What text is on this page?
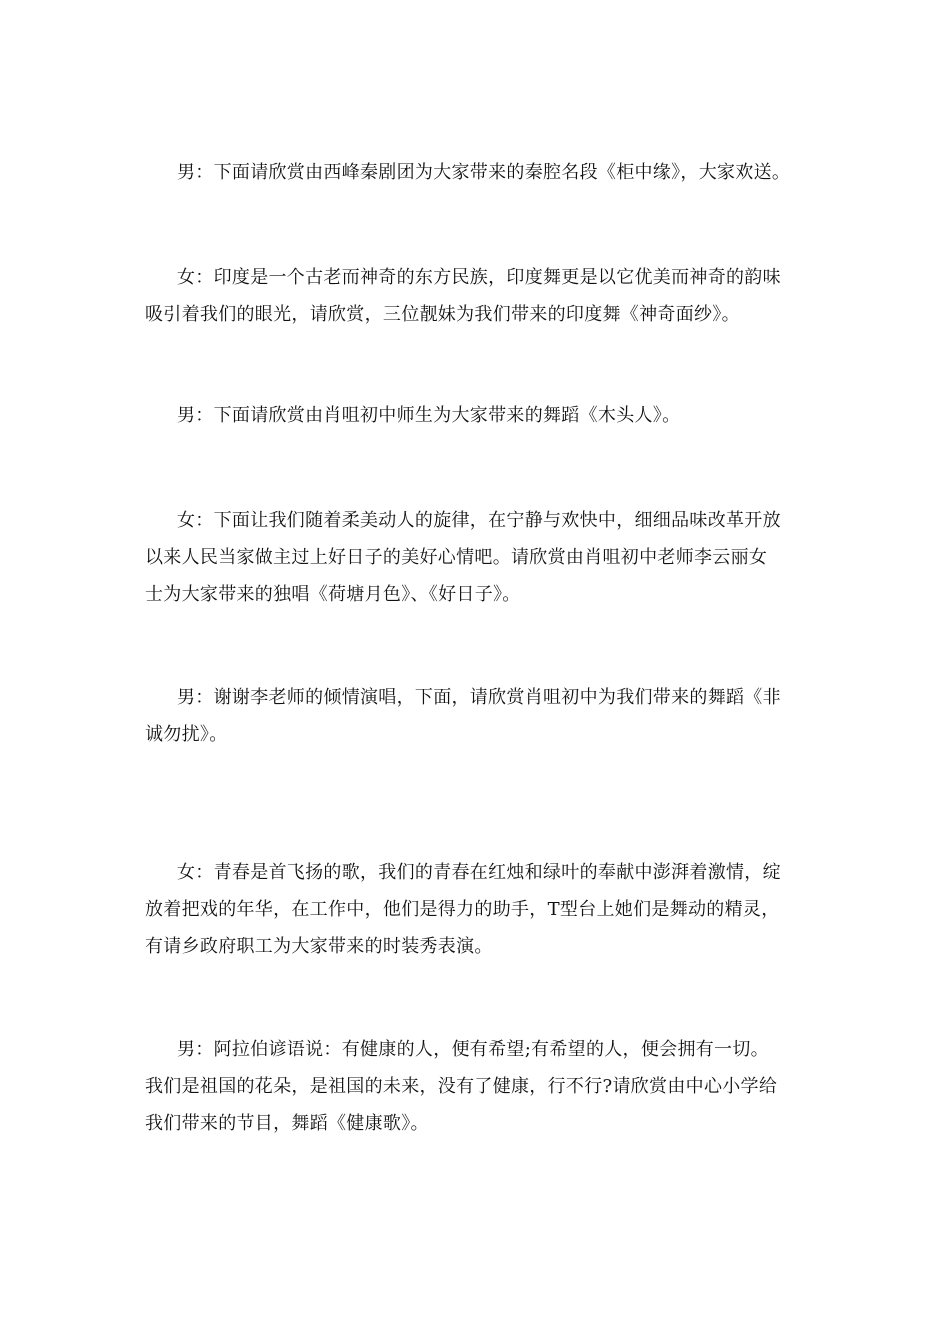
男：下面请欣赏由西峰秦剧团为大家带来的秦腔名段《柜中缘》，大家欢送。

女：印度是一个古老而神奇的东方民族，印度舞更是以它优美而神奇的韵味
吸引着我们的眼光，请欣赏，三位靓妹为我们带来的印度舞《神奇面纱》。

男：下面请欣赏由肖咀初中师生为大家带来的舞蹈《木头人》。

女：下面让我们随着柔美动人的旋律，在宁静与欢快中，细细品味改革开放
以来人民当家做主过上好日子的美好心情吧。请欣赏由肖咀初中老师李云丽女
士为大家带来的独唱《荷塘月色》、《好日子》。

男：谢谢李老师的倾情演唱，下面，请欣赏肖咀初中为我们带来的舞蹈《非
诚勿扰》。

女：青春是首飞扬的歌，我们的青春在红烛和绿叶的奉献中澎湃着激情，绽
放着把戏的年华，在工作中，他们是得力的助手，T型台上她们是舞动的精灵，
有请乡政府职工为大家带来的时装秀表演。

男：阿拉伯谚语说：有健康的人，便有希望;有希望的人，便会拥有一切。
我们是祖国的花朵，是祖国的未来，没有了健康，行不行?请欣赏由中心小学给
我们带来的节目，舞蹈《健康歌》。
